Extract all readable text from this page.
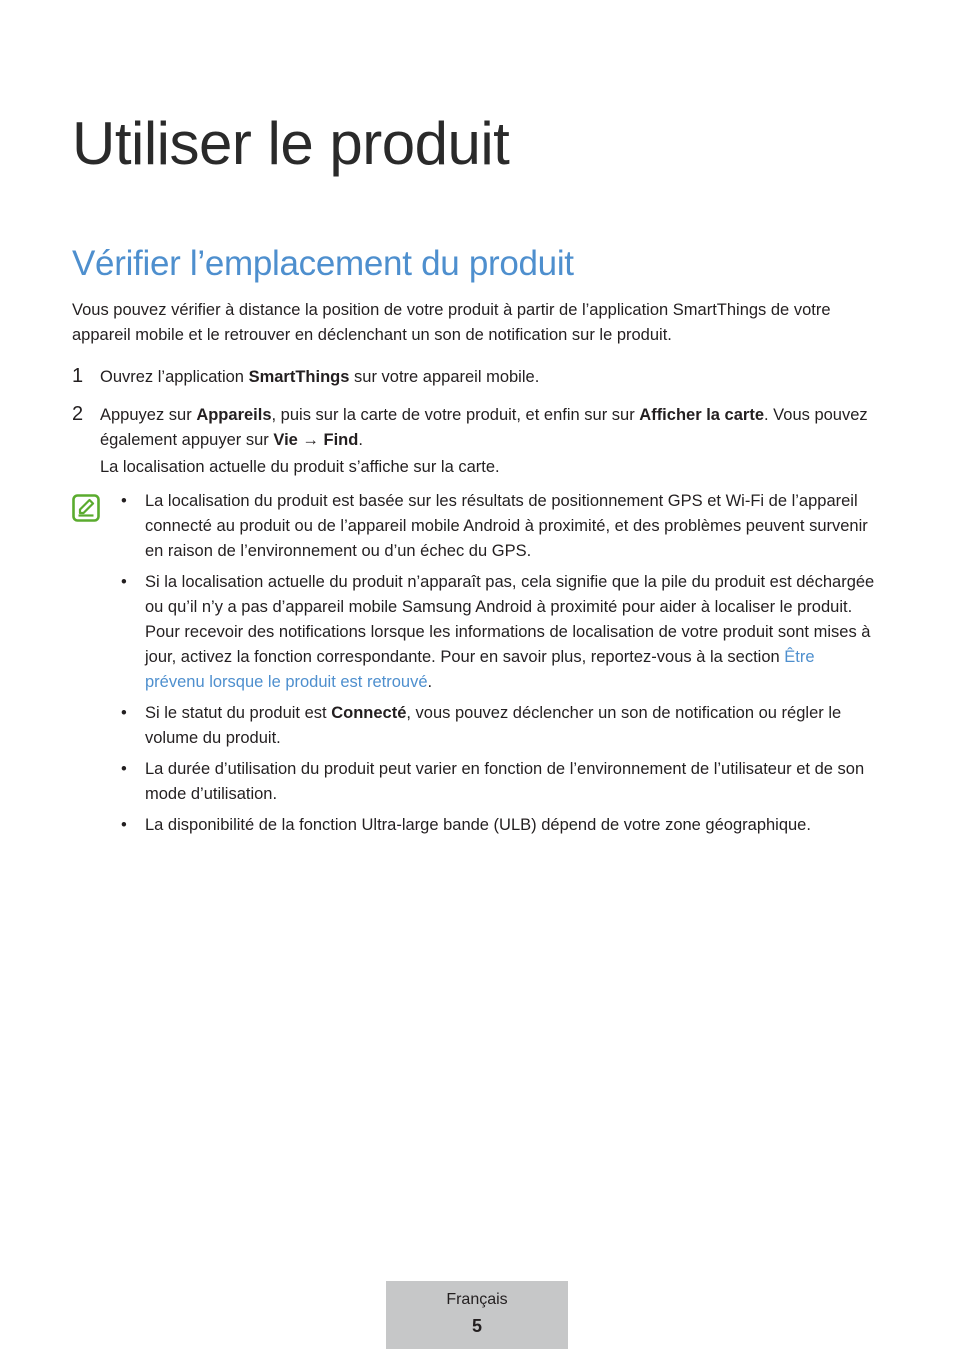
Utiliser le produit
Vérifier l’emplacement du produit

Vous pouvez vérifier à distance la position de votre produit à partir de l’application SmartThings de votre appareil mobile et le retrouver en déclenchant un son de notification sur le produit.

1 Ouvrez l’application SmartThings sur votre appareil mobile.

2 Appuyez sur Appareils, puis sur la carte de votre produit, et enfin sur sur Afficher la carte. Vous pouvez également appuyer sur Vie → Find.

La localisation actuelle du produit s’affiche sur la carte.

• La localisation du produit est basée sur les résultats de positionnement GPS et Wi-Fi de l’appareil connecté au produit ou de l’appareil mobile Android à proximité, et des problèmes peuvent survenir en raison de l’environnement ou d’un échec du GPS.
• Si la localisation actuelle du produit n’apparaît pas, cela signifie que la pile du produit est déchargée ou qu’il n’y a pas d’appareil mobile Samsung Android à proximité pour aider à localiser le produit. Pour recevoir des notifications lorsque les informations de localisation de votre produit sont mises à jour, activez la fonction correspondante. Pour en savoir plus, reportez-vous à la section Être prévenu lorsque le produit est retrouvé.
• Si le statut du produit est Connecté, vous pouvez déclencher un son de notification ou régler le volume du produit.
• La durée d’utilisation du produit peut varier en fonction de l’environnement de l’utilisateur et de son mode d’utilisation.
• La disponibilité de la fonction Ultra-large bande (ULB) dépend de votre zone géographique.
Français
5
